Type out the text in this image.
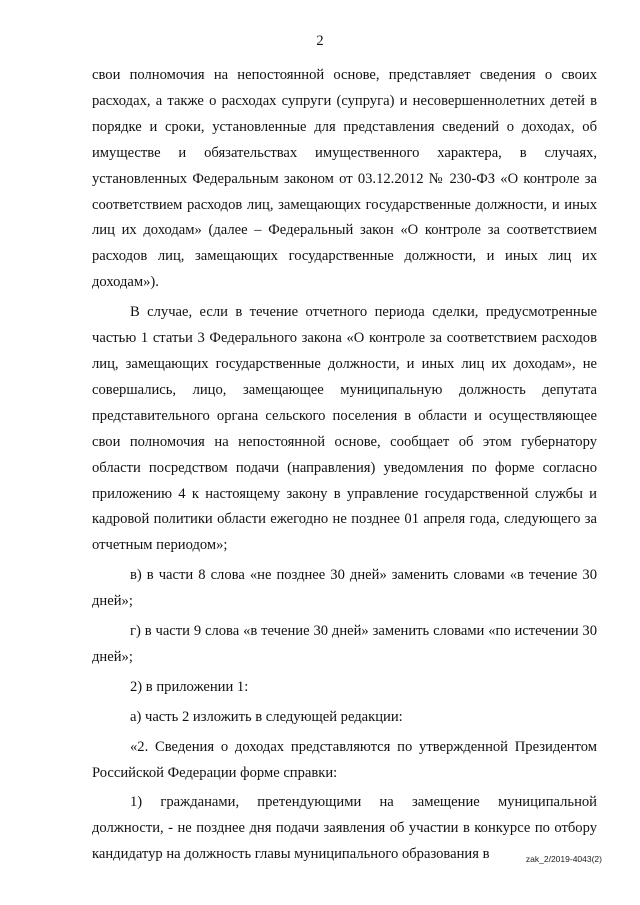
2

свои полномочия на непостоянной основе, представляет сведения о своих расходах, а также о расходах супруги (супруга) и несовершеннолетних детей в порядке и сроки, установленные для представления сведений о доходах, об имуществе и обязательствах имущественного характера, в случаях, установленных Федеральным законом от 03.12.2012 № 230-ФЗ «О контроле за соответствием расходов лиц, замещающих государственные должности, и иных лиц их доходам» (далее – Федеральный закон «О контроле за соответствием расходов лиц, замещающих государственные должности, и иных лиц их доходам»).

В случае, если в течение отчетного периода сделки, предусмотренные частью 1 статьи 3 Федерального закона «О контроле за соответствием расходов лиц, замещающих государственные должности, и иных лиц их доходам», не совершались, лицо, замещающее муниципальную должность депутата представительного органа сельского поселения в области и осуществляющее свои полномочия на непостоянной основе, сообщает об этом губернатору области посредством подачи (направления) уведомления по форме согласно приложению 4 к настоящему закону в управление государственной службы и кадровой политики области ежегодно не позднее 01 апреля года, следующего за отчетным периодом»;

в) в части 8 слова «не позднее 30 дней» заменить словами «в течение 30 дней»;

г) в части 9 слова «в течение 30 дней» заменить словами «по истечении 30 дней»;

2) в приложении 1:

а) часть 2 изложить в следующей редакции:

«2. Сведения о доходах представляются по утвержденной Президентом Российской Федерации форме справки:

1) гражданами, претендующими на замещение муниципальной должности, - не позднее дня подачи заявления об участии в конкурсе по отбору кандидатур на должность главы муниципального образования в	zak_2/2019-4043(2)
